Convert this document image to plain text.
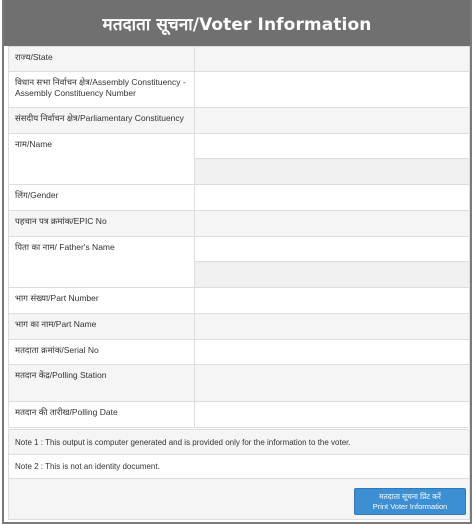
मतदाता सूचना/Voter Information
राज्य/State	
विधान सभा निर्वाचन क्षेत्र/Assembly Constituency - Assembly Constituency Number	
संसदीय निर्वाचन क्षेत्र/Parliamentary Constituency	
नाम/Name	

लिंग/Gender	
पहचान पत्र क्रमांक/EPIC No	
पिता का नाम/ Father's Name	

भाग संख्या/Part Number	
भाग का नाम/Part Name	
मतदाता क्रमांक/Serial No	
मतदान केंद्र/Polling Station	
मतदान की तारीख/Polling Date	
Note 1 : This output is computer generated and is provided only for the information to the voter.
Note 2 : This is not an identity document.
मतदाता सूचना प्रिंट करें
Print Voter Information
